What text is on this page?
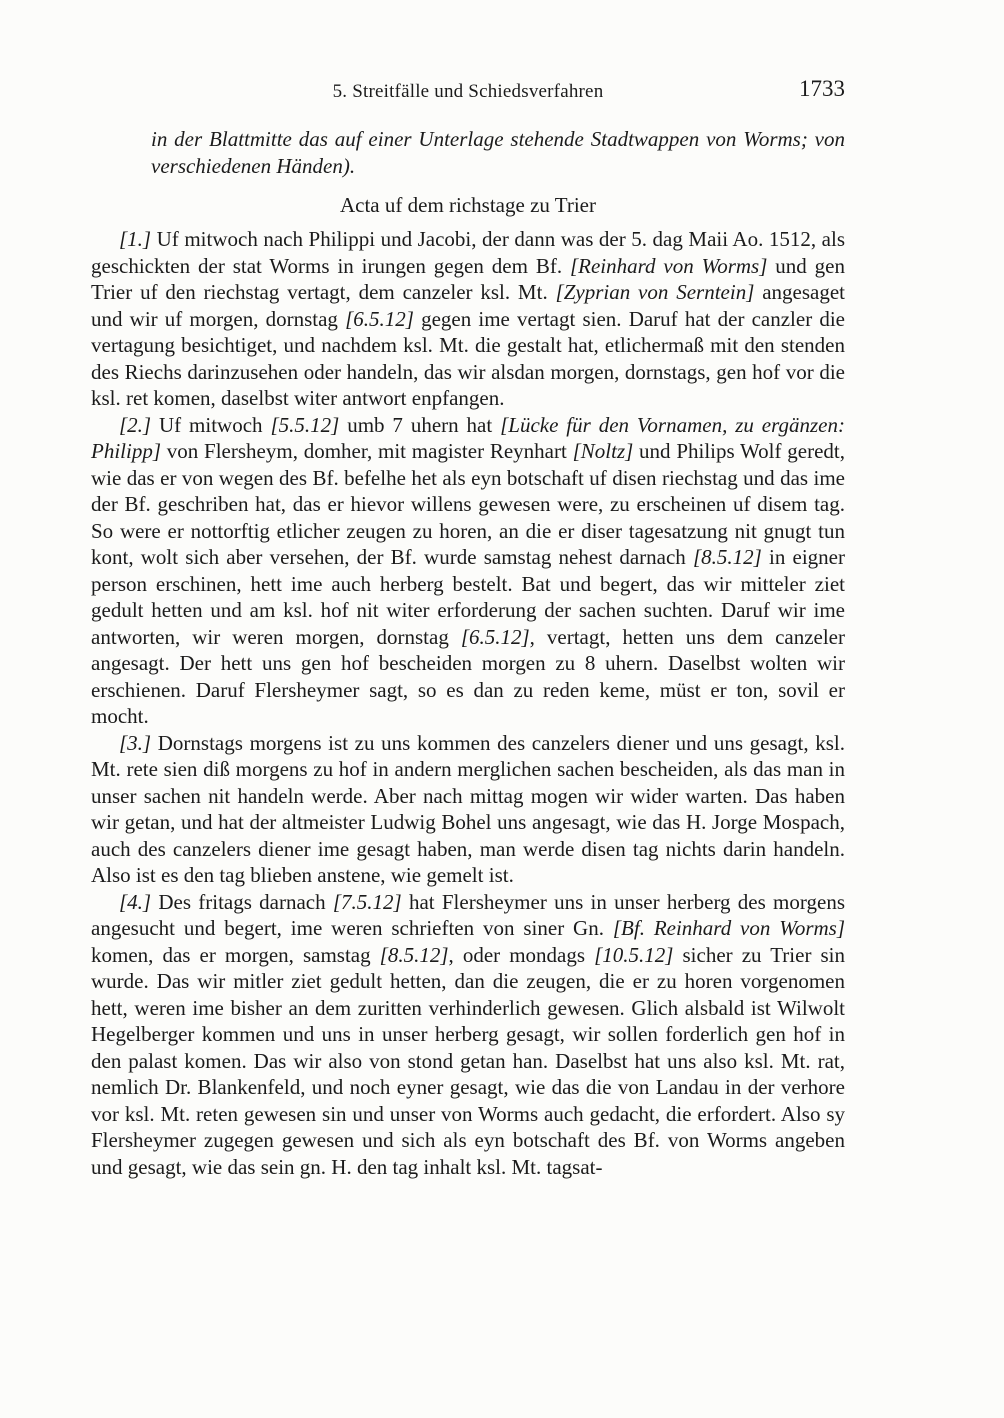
5. Streitfälle und Schiedsverfahren	1733
in der Blattmitte das auf einer Unterlage stehende Stadtwappen von Worms; von verschiedenen Händen).
Acta uf dem richstage zu Trier

[1.] Uf mitwoch nach Philippi und Jacobi, der dann was der 5. dag Maii Ao. 1512, als geschickten der stat Worms in irungen gegen dem Bf. [Reinhard von Worms] und gen Trier uf den riechstag vertagt, dem canzeler ksl. Mt. [Zyprian von Serntein] angesaget und wir uf morgen, dornstag [6.5.12] gegen ime vertagt sien. Daruf hat der canzler die vertagung besichtiget, und nachdem ksl. Mt. die gestalt hat, etlichermaß mit den stenden des Riechs darinzusehen oder handeln, das wir alsdan morgen, dornstags, gen hof vor die ksl. ret komen, daselbst witer antwort enpfangen.

[2.] Uf mitwoch [5.5.12] umb 7 uhern hat [Lücke für den Vornamen, zu ergänzen: Philipp] von Flersheym, domher, mit magister Reynhart [Noltz] und Philips Wolf geredt, wie das er von wegen des Bf. befelhe het als eyn botschaft uf disen riechstag und das ime der Bf. geschriben hat, das er hievor willens gewesen were, zu erscheinen uf disem tag. So were er nottorftig etlicher zeugen zu horen, an die er diser tagesatzung nit gnugt tun kont, wolt sich aber versehen, der Bf. wurde samstag nehest darnach [8.5.12] in eigner person erschinen, hett ime auch herberg bestelt. Bat und begert, das wir mitteler ziet gedult hetten und am ksl. hof nit witer erforderung der sachen suchten. Daruf wir ime antworten, wir weren morgen, dornstag [6.5.12], vertagt, hetten uns dem canzeler angesagt. Der hett uns gen hof bescheiden morgen zu 8 uhern. Daselbst wolten wir erschienen. Daruf Flersheymer sagt, so es dan zu reden keme, müst er ton, sovil er mocht.

[3.] Dornstags morgens ist zu uns kommen des canzelers diener und uns gesagt, ksl. Mt. rete sien diß morgens zu hof in andern merglichen sachen bescheiden, als das man in unser sachen nit handeln werde. Aber nach mittag mogen wir wider warten. Das haben wir getan, und hat der altmeister Ludwig Bohel uns angesagt, wie das H. Jorge Mospach, auch des canzelers diener ime gesagt haben, man werde disen tag nichts darin handeln. Also ist es den tag blieben anstene, wie gemelt ist.

[4.] Des fritags darnach [7.5.12] hat Flersheymer uns in unser herberg des morgens angesucht und begert, ime weren schrieften von siner Gn. [Bf. Reinhard von Worms] komen, das er morgen, samstag [8.5.12], oder mondags [10.5.12] sicher zu Trier sin wurde. Das wir mitler ziet gedult hetten, dan die zeugen, die er zu horen vorgenomen hett, weren ime bisher an dem zuritten verhinderlich gewesen. Glich alsbald ist Wilwolt Hegelberger kommen und uns in unser herberg gesagt, wir sollen forderlich gen hof in den palast komen. Das wir also von stond getan han. Daselbst hat uns also ksl. Mt. rat, nemlich Dr. Blankenfeld, und noch eyner gesagt, wie das die von Landau in der verhore vor ksl. Mt. reten gewesen sin und unser von Worms auch gedacht, die erfordert. Also sy Flersheymer zugegen gewesen und sich als eyn botschaft des Bf. von Worms angeben und gesagt, wie das sein gn. H. den tag inhalt ksl. Mt. tagsat-
